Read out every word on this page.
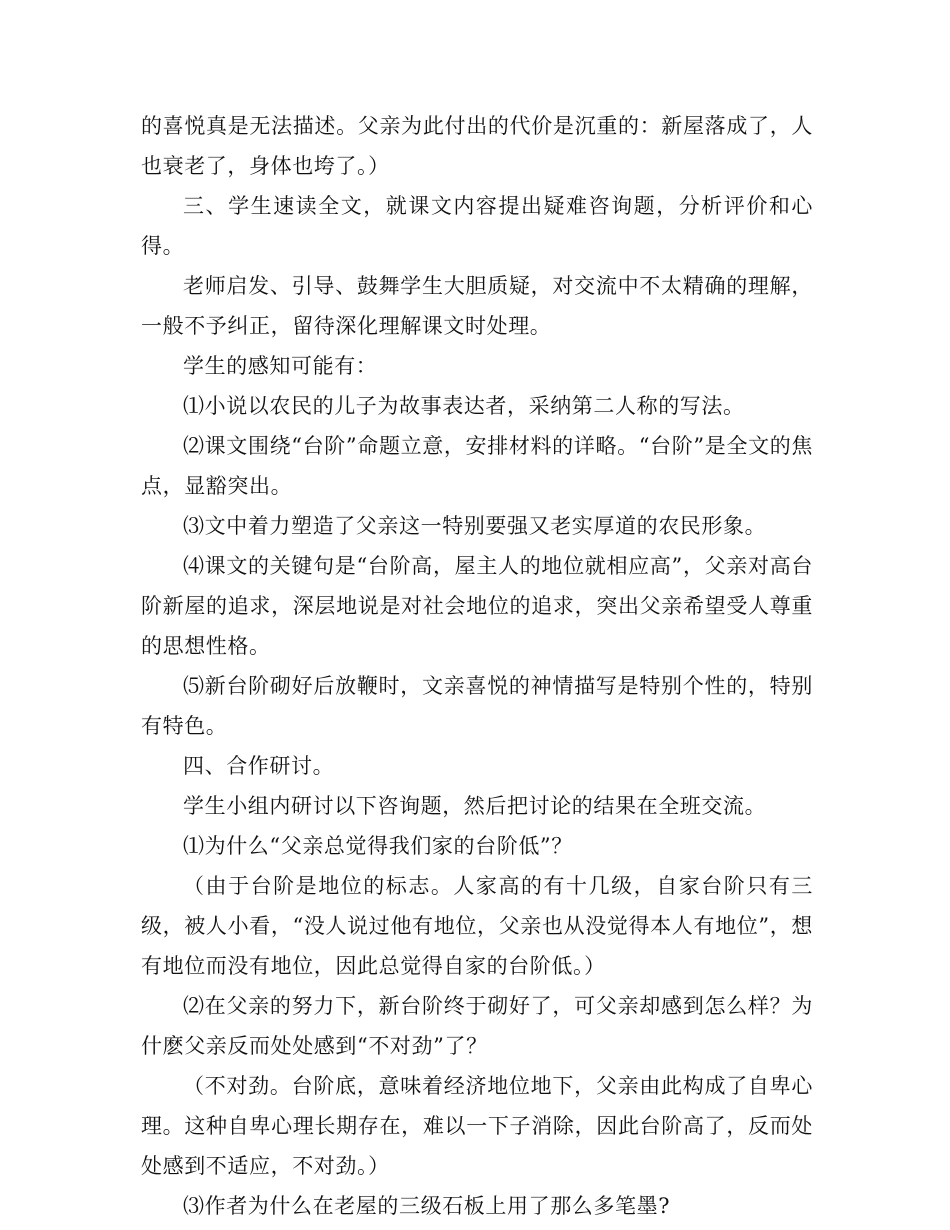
的喜悦真是无法描述。父亲为此付出的代价是沉重的：新屋落成了，人也衰老了，身体也垮了。）

三、学生速读全文，就课文内容提出疑难咨询题，分析评价和心得。

老师启发、引导、鼓舞学生大胆质疑，对交流中不太精确的理解，一般不予纠正，留待深化理解课文时处理。

学生的感知可能有：

⑴小说以农民的儿子为故事表达者，采纳第二人称的写法。

⑵课文围绕“台阶”命题立意，安排材料的详略。“台阶”是全文的焦点，显豁突出。

⑶文中着力塑造了父亲这一特别要强又老实厚道的农民形象。

⑷课文的关键句是“台阶高，屋主人的地位就相应高”，父亲对高台阶新屋的追求，深层地说是对社会地位的追求，突出父亲希望受人尊重的思想性格。

⑸新台阶砌好后放鞭时，文亲喜悦的神情描写是特别个性的，特别有特色。

四、合作研讨。

学生小组内研讨以下咨询题，然后把讨论的结果在全班交流。

⑴为什么“父亲总觉得我们家的台阶低”？

（由于台阶是地位的标志。人家高的有十几级，自家台阶只有三级，被人小看，“没人说过他有地位，父亲也从没觉得本人有地位”，想有地位而没有地位，因此总觉得自家的台阶低。）

⑵在父亲的努力下，新台阶终于砌好了，可父亲却感到怎么样？为什麽父亲反而处处感到“不对劲”了？

（不对劲。台阶底，意味着经济地位地下，父亲由此构成了自卑心理。这种自卑心理长期存在，难以一下子消除，因此台阶高了，反而处处感到不适应，不对劲。）

⑶作者为什么在老屋的三级石板上用了那么多笔墨?
